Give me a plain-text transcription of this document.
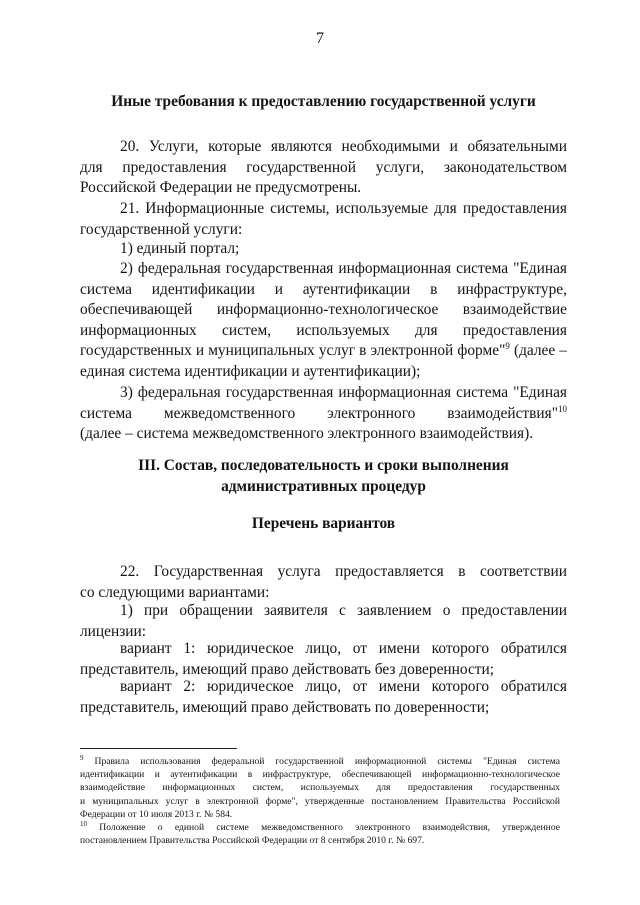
7
Иные требования к предоставлению государственной услуги
20. Услуги, которые являются необходимыми и обязательными
для предоставления государственной услуги, законодательством
Российской Федерации не предусмотрены.
21. Информационные системы, используемые для предоставления
государственной услуги:
1) единый портал;
2) федеральная государственная информационная система "Единая
система идентификации и аутентификации в инфраструктуре,
обеспечивающей информационно-технологическое взаимодействие
информационных систем, используемых для предоставления
государственных и муниципальных услуг в электронной форме"$^9$ (далее –
единая система идентификации и аутентификации);
3) федеральная государственная информационная система "Единая
система межведомственного электронного взаимодействия"$^{10}$
(далее – система межведомственного электронного взаимодействия).
III. Состав, последовательность и сроки выполнения
административных процедур
Перечень вариантов
22. Государственная услуга предоставляется в соответствии
со следующими вариантами:
1) при обращении заявителя с заявлением о предоставлении
лицензии:
вариант 1: юридическое лицо, от имени которого обратился
представитель, имеющий право действовать без доверенности;
вариант 2: юридическое лицо, от имени которого обратился
представитель, имеющий право действовать по доверенности;
$^9$ Правила использования федеральной государственной информационной системы "Единая система
идентификации и аутентификации в инфраструктуре, обеспечивающей информационно-технологическое
взаимодействие информационных систем, используемых для предоставления государственных
и муниципальных услуг в электронной форме", утвержденные постановлением Правительства Российской
Федерации от 10 июля 2013 г. № 584.
$^{10}$ Положение о единой системе межведомственного электронного взаимодействия, утвержденное
постановлением Правительства Российской Федерации от 8 сентября 2010 г. № 697.
